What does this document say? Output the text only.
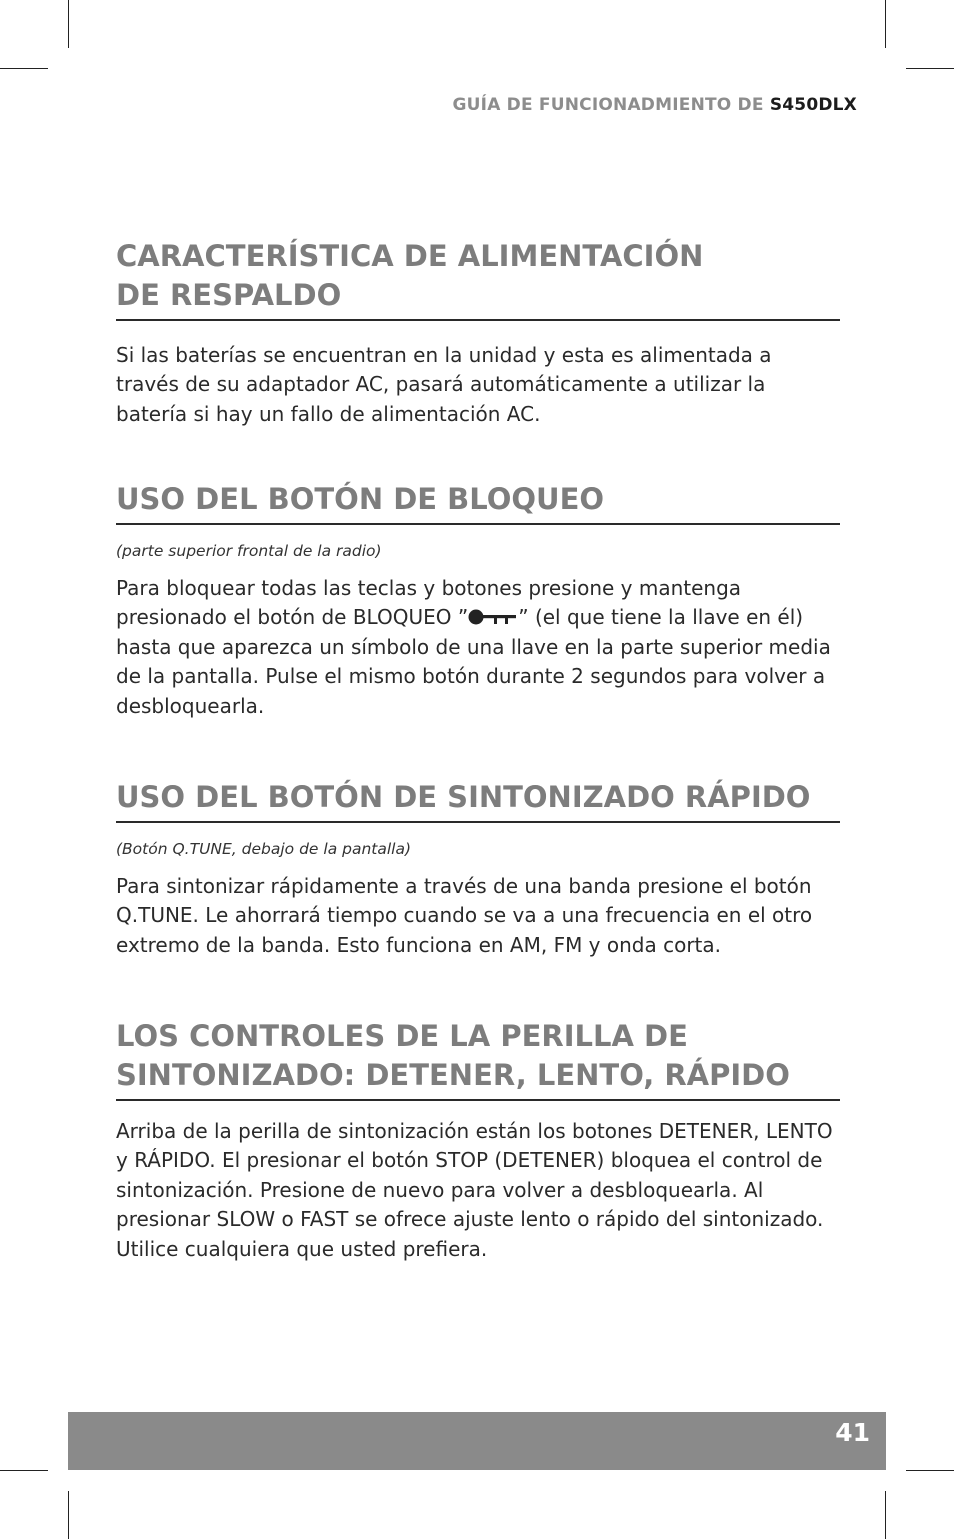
GUÍA DE FUNCIONADMIENTO DE S450DLX
CARACTERÍSTICA DE ALIMENTACIÓN
DE RESPALDO

Si las baterías se encuentran en la unidad y esta es alimentada a través de su adaptador AC, pasará automáticamente a utilizar la batería si hay un fallo de alimentación AC.

USO DEL BOTÓN DE BLOQUEO

(parte superior frontal de la radio)

Para bloquear todas las teclas y botones presione y mantenga presionado el botón de BLOQUEO ”	” (el que tiene la llave en él) hasta que aparezca un símbolo de una llave en la parte superior media de la pantalla. Pulse el mismo botón durante 2 segundos para volver a desbloquearla.

USO DEL BOTÓN DE SINTONIZADO RÁPIDO

(Botón Q.TUNE, debajo de la pantalla)

Para sintonizar rápidamente a través de una banda presione el botón Q.TUNE. Le ahorrará tiempo cuando se va a una frecuencia en el otro extremo de la banda. Esto funciona en AM, FM y onda corta.

LOS CONTROLES DE LA PERILLA DE
SINTONIZADO: DETENER, LENTO, RÁPIDO

Arriba de la perilla de sintonización están los botones DETENER, LENTO y RÁPIDO. El presionar el botón STOP (DETENER) bloquea el control de sintonización. Presione de nuevo para volver a desbloquearla. Al presionar SLOW o FAST se ofrece ajuste lento o rápido del sintonizado. Utilice cualquiera que usted prefiera.

41
